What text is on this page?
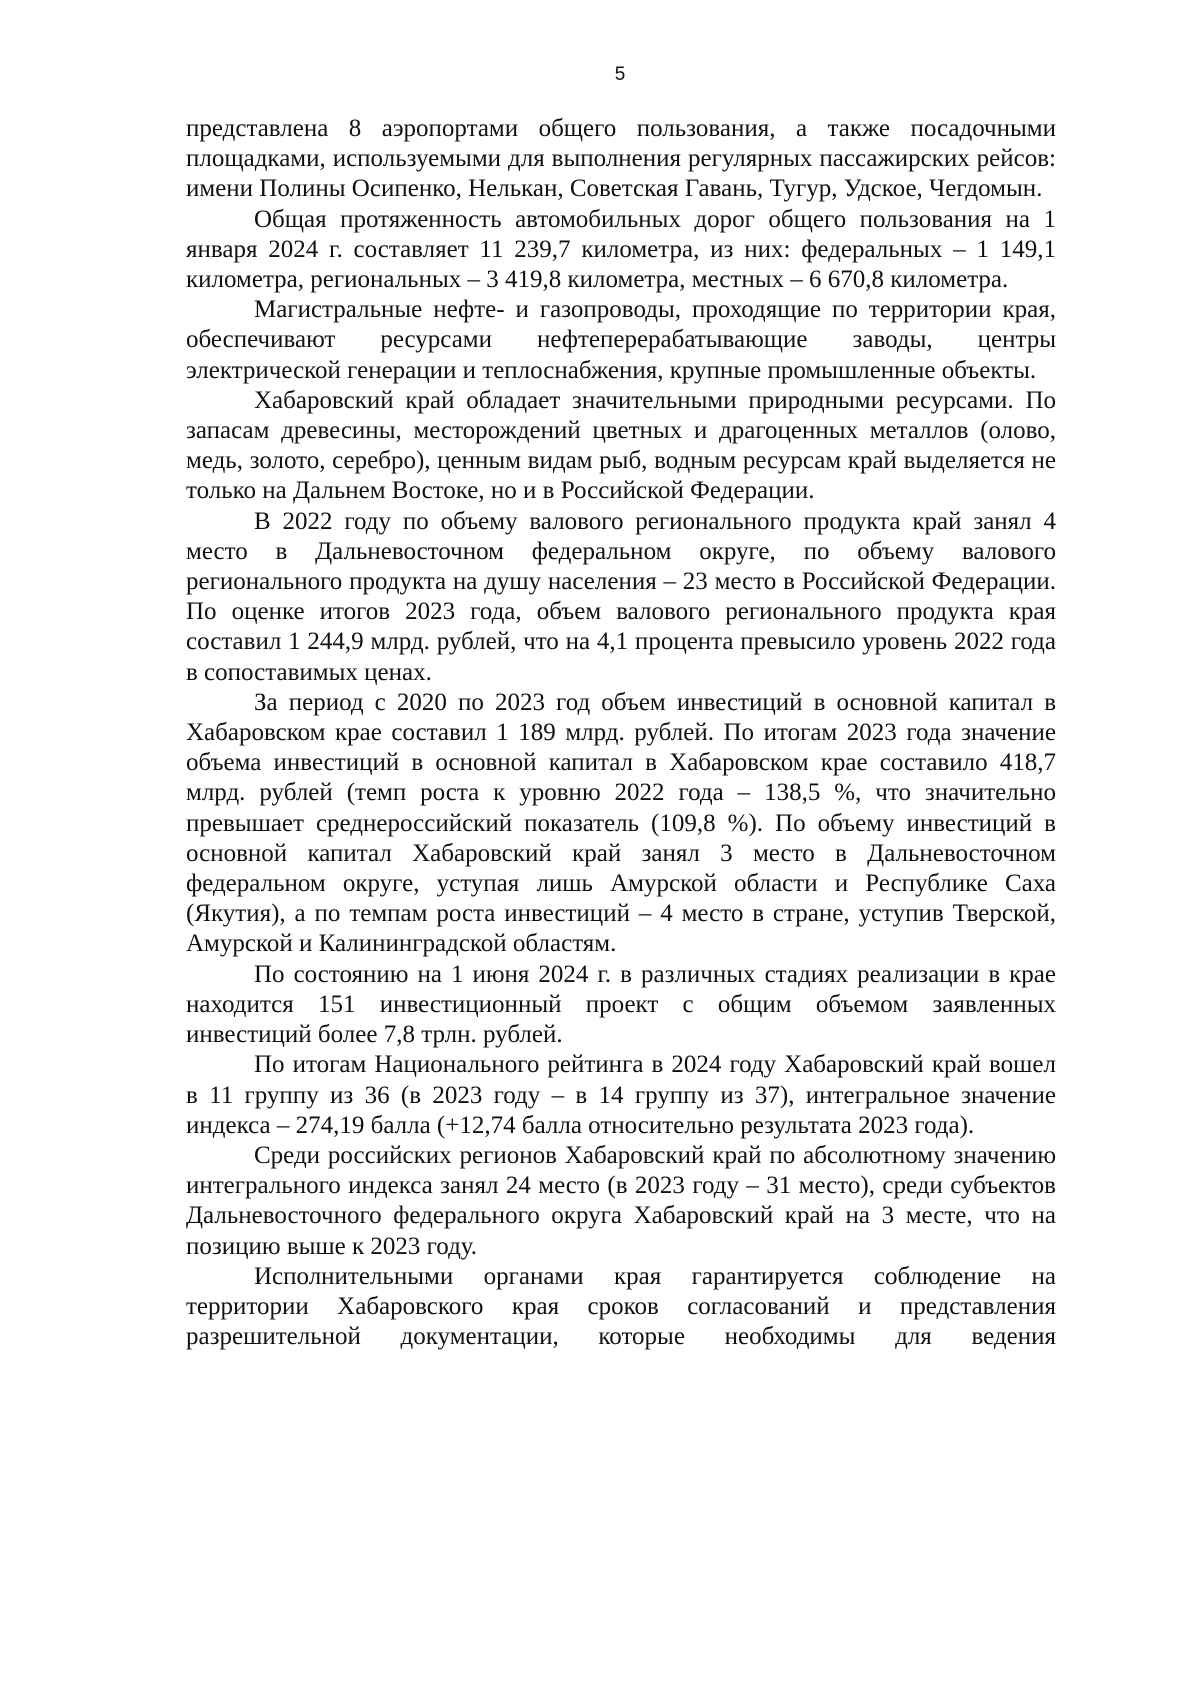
5

представлена 8 аэропортами общего пользования, а также посадочными площадками, используемыми для выполнения регулярных пассажирских рейсов: имени Полины Осипенко, Нелькан, Советская Гавань, Тугур, Удское, Чегдомын.

Общая протяженность автомобильных дорог общего пользования на 1 января 2024 г. составляет 11 239,7 километра, из них: федеральных – 1 149,1 километра, региональных – 3 419,8 километра, местных – 6 670,8 километра.

Магистральные нефте- и газопроводы, проходящие по территории края, обеспечивают ресурсами нефтеперерабатывающие заводы, центры электрической генерации и теплоснабжения, крупные промышленные объекты.

Хабаровский край обладает значительными природными ресурсами. По запасам древесины, месторождений цветных и драгоценных металлов (олово, медь, золото, серебро), ценным видам рыб, водным ресурсам край выделяется не только на Дальнем Востоке, но и в Российской Федерации.

В 2022 году по объему валового регионального продукта край занял 4 место в Дальневосточном федеральном округе, по объему валового регионального продукта на душу населения – 23 место в Российской Федерации. По оценке итогов 2023 года, объем валового регионального продукта края составил 1 244,9 млрд. рублей, что на 4,1 процента превысило уровень 2022 года в сопоставимых ценах.

За период с 2020 по 2023 год объем инвестиций в основной капитал в Хабаровском крае составил 1 189 млрд. рублей. По итогам 2023 года значение объема инвестиций в основной капитал в Хабаровском крае составило 418,7 млрд. рублей (темп роста к уровню 2022 года – 138,5 %, что значительно превышает среднероссийский показатель (109,8 %). По объему инвестиций в основной капитал Хабаровский край занял 3 место в Дальневосточном федеральном округе, уступая лишь Амурской области и Республике Саха (Якутия), а по темпам роста инвестиций – 4 место в стране, уступив Тверской, Амурской и Калининградской областям.

По состоянию на 1 июня 2024 г. в различных стадиях реализации в крае находится 151 инвестиционный проект с общим объемом заявленных инвестиций более 7,8 трлн. рублей.

По итогам Национального рейтинга в 2024 году Хабаровский край вошел в 11 группу из 36 (в 2023 году – в 14 группу из 37), интегральное значение индекса – 274,19 балла (+12,74 балла относительно результата 2023 года).

Среди российских регионов Хабаровский край по абсолютному значению интегрального индекса занял 24 место (в 2023 году – 31 место), среди субъектов Дальневосточного федерального округа Хабаровский край на 3 месте, что на позицию выше к 2023 году.

Исполнительными органами края гарантируется соблюдение на территории Хабаровского края сроков согласований и представления разрешительной документации, которые необходимы для ведения
